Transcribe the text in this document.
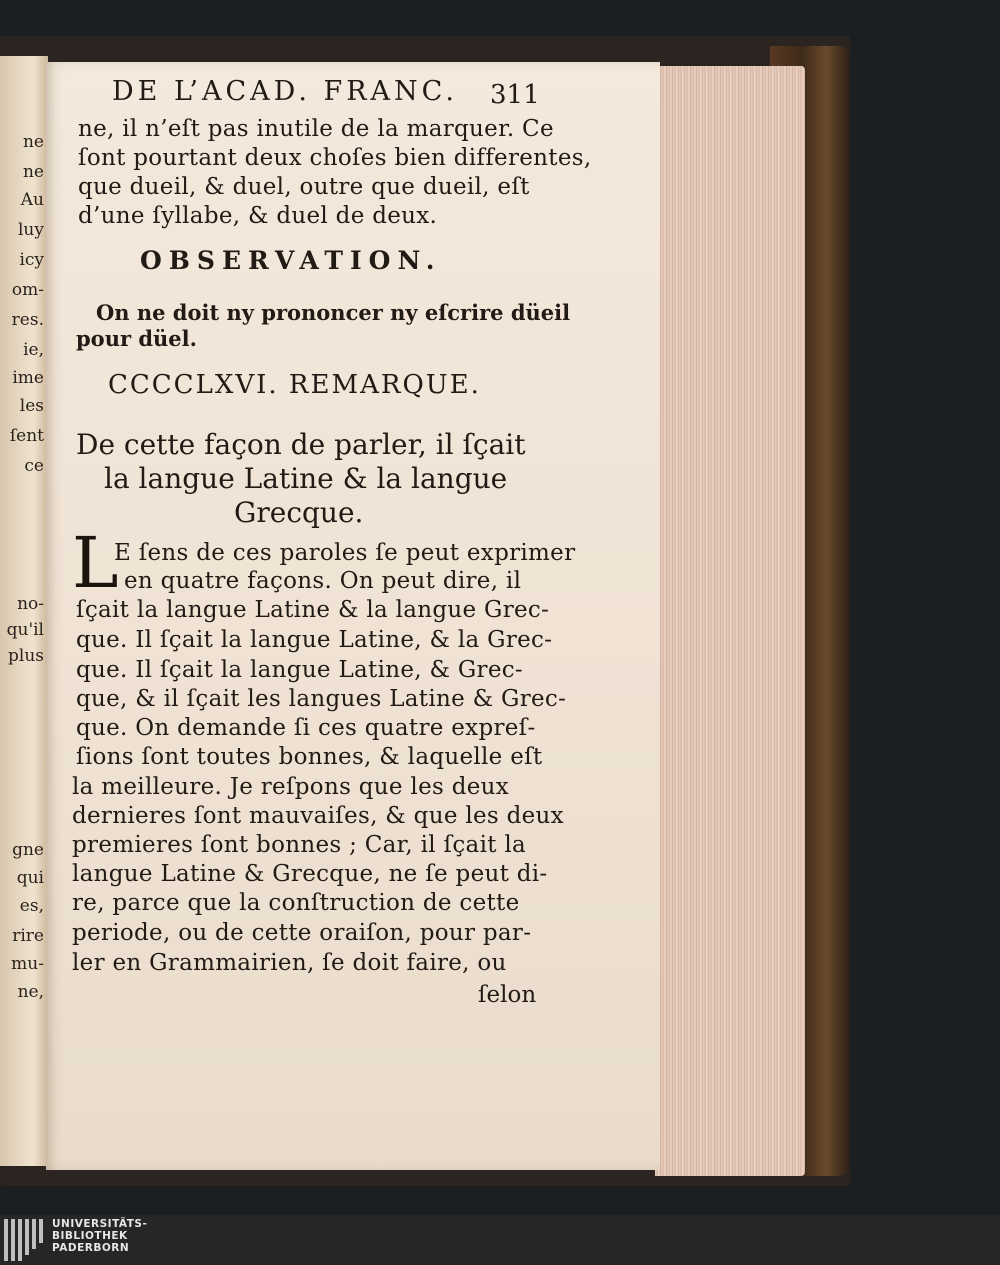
ne
ne
Au
luy
icy
om-
res.
ie,
ime
les
ſent
ce
no-
qu'il
plus
gne
qui
es,
rire
mu-
ne,
DE L’ACAD. FRANC. 311
ne, il n’eſt pas inutile de la marquer. Ce
ſont pourtant deux choſes bien differentes,
que dueil, & duel, outre que dueil, eſt
d’une ſyllabe, & duel de deux.
OBSERVATION.
On ne doit ny prononcer ny eſcrire düeil
pour düel.
CCCCLXVI. REMARQUE.
De cette façon de parler, il ſçait
la langue Latine & la langue
Grecque.
L
E ſens de ces paroles ſe peut exprimer
en quatre façons. On peut dire, il
ſçait la langue Latine & la langue Grec-
que. Il ſçait la langue Latine, & la Grec-
que. Il ſçait la langue Latine, & Grec-
que, & il ſçait les langues Latine & Grec-
que. On demande ſi ces quatre expreſ-
ſions ſont toutes bonnes, & laquelle eſt
la meilleure. Je reſpons que les deux
dernieres ſont mauvaiſes, & que les deux
premieres ſont bonnes ; Car, il ſçait la
langue Latine & Grecque, ne ſe peut di-
re, parce que la conſtruction de cette
periode, ou de cette oraiſon, pour par-
ler en Grammairien, ſe doit faire, ou
ſelon
UNIVERSITÄTS-
BIBLIOTHEK
PADERBORN
